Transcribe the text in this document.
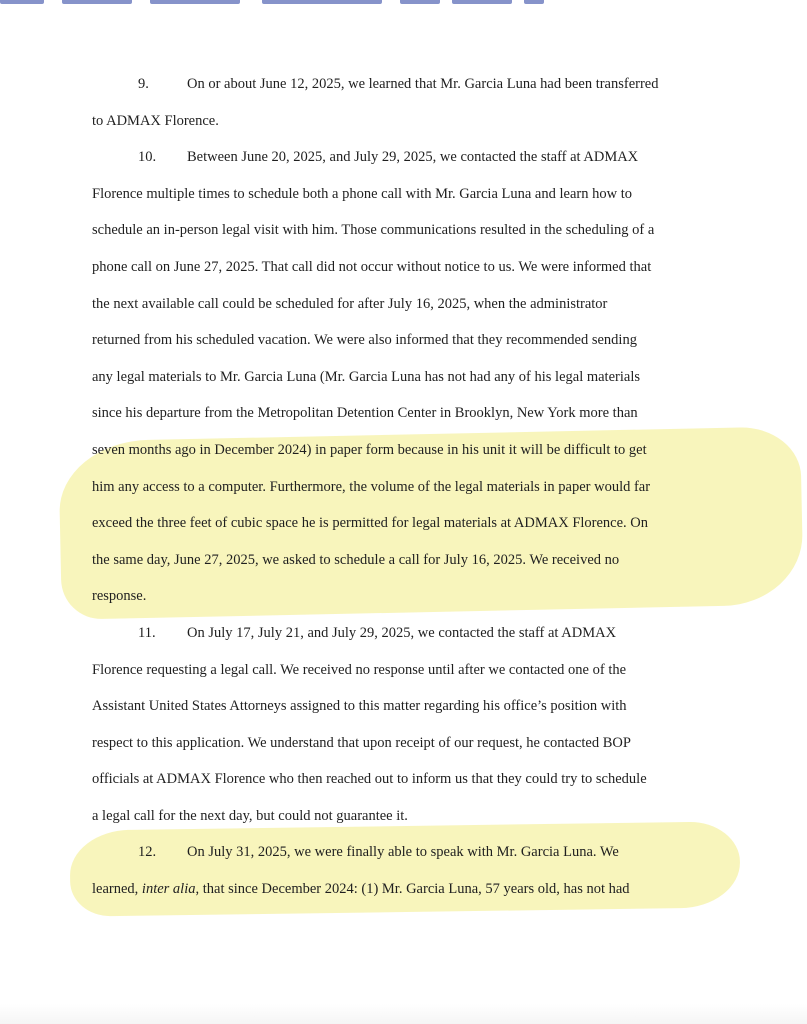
9.	On or about June 12, 2025, we learned that Mr. Garcia Luna had been transferred
to ADMAX Florence.
10. Between June 20, 2025, and July 29, 2025, we contacted the staff at ADMAX
Florence multiple times to schedule both a phone call with Mr. Garcia Luna and learn how to
schedule an in-person legal visit with him. Those communications resulted in the scheduling of a
phone call on June 27, 2025. That call did not occur without notice to us. We were informed that
the next available call could be scheduled for after July 16, 2025, when the administrator
returned from his scheduled vacation. We were also informed that they recommended sending
any legal materials to Mr. Garcia Luna (Mr. Garcia Luna has not had any of his legal materials
since his departure from the Metropolitan Detention Center in Brooklyn, New York more than
seven months ago in December 2024) in paper form because in his unit it will be difficult to get
him any access to a computer. Furthermore, the volume of the legal materials in paper would far
exceed the three feet of cubic space he is permitted for legal materials at ADMAX Florence. On
the same day, June 27, 2025, we asked to schedule a call for July 16, 2025. We received no
response.
11. On July 17, July 21, and July 29, 2025, we contacted the staff at ADMAX
Florence requesting a legal call. We received no response until after we contacted one of the
Assistant United States Attorneys assigned to this matter regarding his office’s position with
respect to this application. We understand that upon receipt of our request, he contacted BOP
officials at ADMAX Florence who then reached out to inform us that they could try to schedule
a legal call for the next day, but could not guarantee it.
12. On July 31, 2025, we were finally able to speak with Mr. Garcia Luna. We
learned, inter alia, that since December 2024: (1) Mr. Garcia Luna, 57 years old, has not had
